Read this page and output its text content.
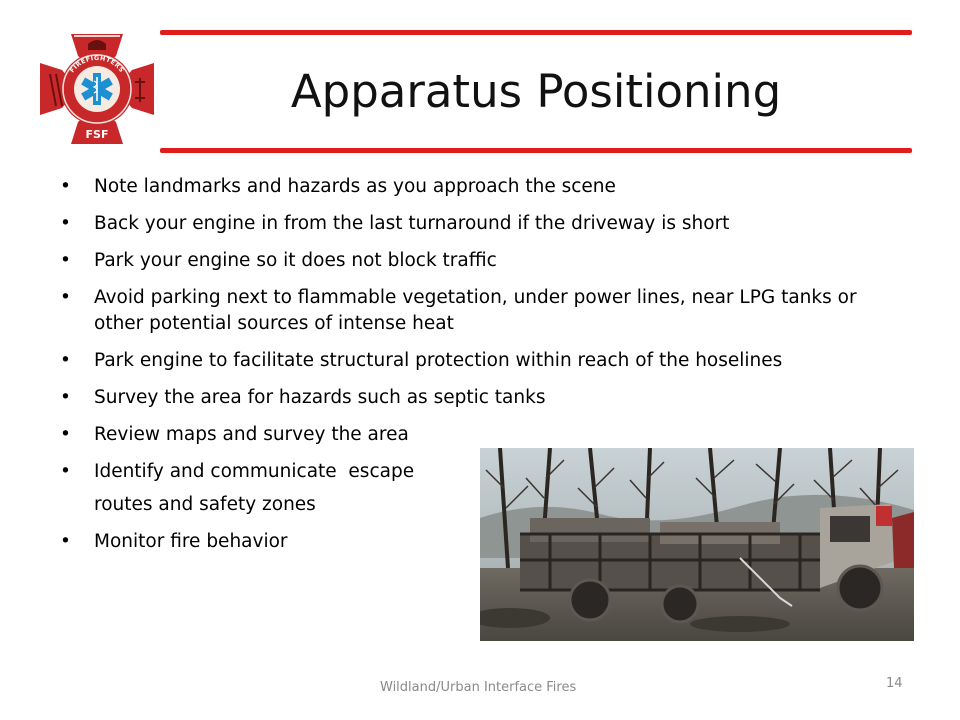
FIREFIGHTERS
FSF
Apparatus Positioning
• Note landmarks and hazards as you approach the scene
• Back your engine in from the last turnaround if the driveway is short
• Park your engine so it does not block traffic
• Avoid parking next to flammable vegetation, under power lines, near LPG tanks or other potential sources of intense heat
• Park engine to facilitate structural protection within reach of the hoselines
• Survey the area for hazards such as septic tanks
• Review maps and survey the area
• Identify and communicate  escape
routes and safety zones
• Monitor fire behavior
Wildland/Urban Interface Fires	14
